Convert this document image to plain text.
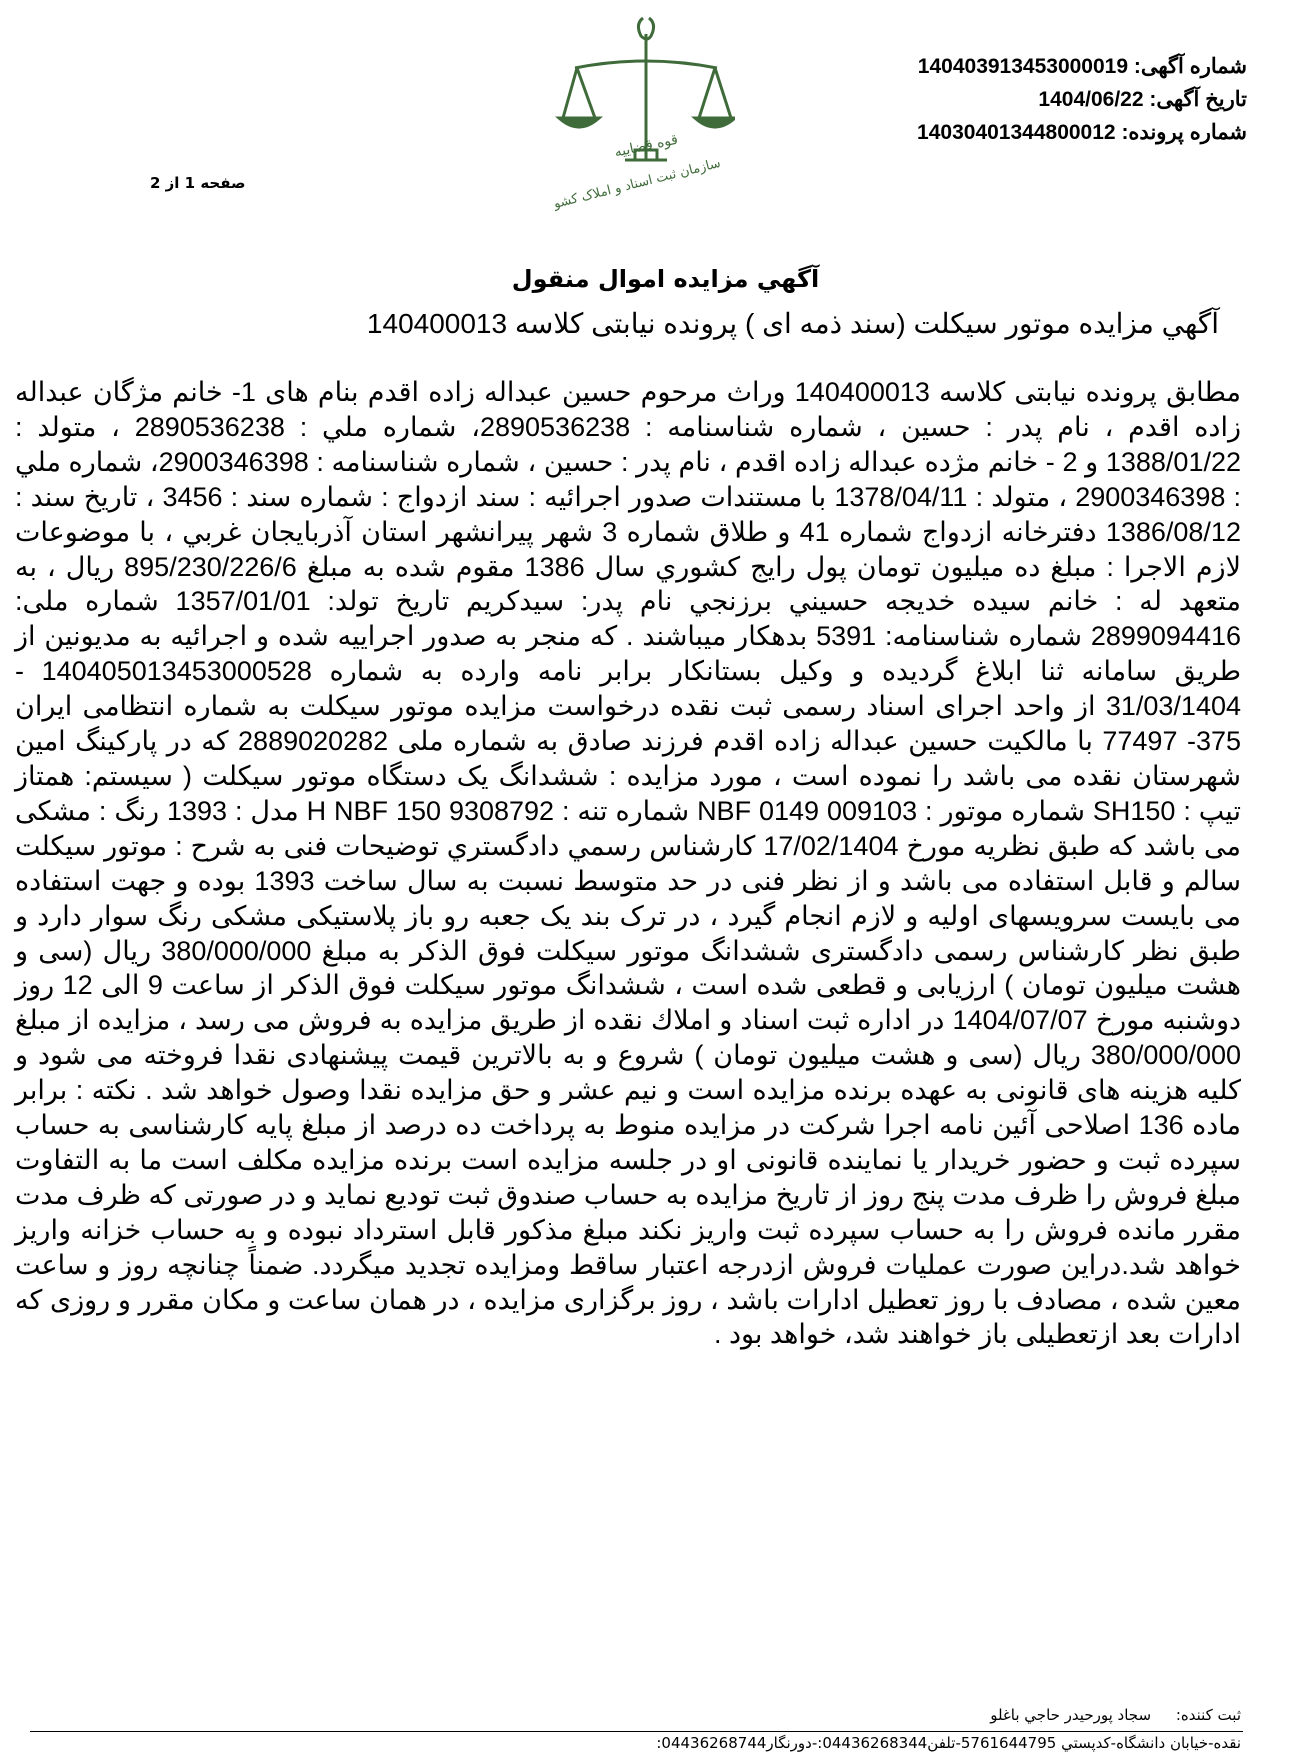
شماره آگهی: 140403913453000019
تاریخ آگهی: 1404/06/22
شماره پرونده: 14030401344800012
صفحه 1 از 2
قوه قضاییه
سازمان ثبت اسناد و املاک کشور
آگهي مزايده اموال منقول
آگهي مزايده موتور سيكلت (سند ذمه اى ) پرونده نيابتى كلاسه 140400013
مطابق پرونده نيابتى كلاسه 140400013 وراث مرحوم حسين عبداله زاده اقدم بنام هاى 1- خانم مژگان عبداله زاده اقدم ، نام پدر : حسين ، شماره شناسنامه : 2890536238، شماره ملي : 2890536238 ، متولد : 1388/01/22 و 2 - خانم مژده عبداله زاده اقدم ، نام پدر : حسين ، شماره شناسنامه : 2900346398، شماره ملي : 2900346398 ، متولد : 1378/04/11 با مستندات صدور اجرائيه : سند ازدواج : شماره سند : 3456 ، تاريخ سند : 1386/08/12 دفترخانه ازدواج شماره 41 و طلاق شماره 3 شهر پيرانشهر استان آذربايجان غربي ، با موضوعات لازم الاجرا : مبلغ ده ميليون تومان پول رايج كشوري سال 1386 مقوم شده به مبلغ 895/230/226/6 ريال ، به متعهد له : خانم سيده خديجه حسيني برزنجي نام پدر: سيدكريم تاريخ تولد: 1357/01/01 شماره ملی: 2899094416 شماره شناسنامه: 5391 بدهكار ميباشند . كه منجر به صدور اجراييه شده و اجرائيه به مديونين از طريق سامانه ثنا ابلاغ گرديده و وكيل بستانكار برابر نامه وارده به شماره 140405013453000528 - 31/03/1404 از واحد اجراى اسناد رسمى ثبت نقده درخواست مزايده موتور سيكلت به شماره انتظامى ايران 375- 77497 با مالكيت حسين عبداله زاده اقدم فرزند صادق به شماره ملى 2889020282 كه در پاركينگ امين شهرستان نقده مى باشد را نموده است ، مورد مزايده : ششدانگ يک دستگاه موتور سيكلت ( سيستم: همتاز تيپ : SH150 شماره موتور : NBF 0149 009103 شماره تنه : H NBF 150 9308792 مدل : 1393 رنگ : مشكى مى باشد كه طبق نظريه مورخ 17/02/1404 كارشناس رسمي دادگستري توضيحات فنى به شرح : موتور سيكلت سالم و قابل استفاده مى باشد و از نظر فنى در حد متوسط نسبت به سال ساخت 1393 بوده و جهت استفاده مى بايست سرويسهاى اوليه و لازم انجام گيرد ، در ترک بند يک جعبه رو باز پلاستيكى مشكى رنگ سوار دارد و طبق نظر كارشناس رسمى دادگسترى ششدانگ موتور سيكلت فوق الذكر به مبلغ 380/000/000 ريال (سى و هشت ميليون تومان ) ارزيابى و قطعى شده است ، ششدانگ موتور سيكلت فوق الذكر از ساعت 9 الى 12 روز دوشنبه مورخ 1404/07/07 در اداره ثبت اسناد و املاك نقده از طريق مزايده به فروش مى رسد ، مزايده از مبلغ 380/000/000 ريال (سى و هشت ميليون تومان ) شروع و به بالاترين قيمت پيشنهادى نقدا فروخته مى شود و كليه هزينه هاى قانونى به عهده برنده مزايده است و نيم عشر و حق مزايده نقدا وصول خواهد شد . نكته : برابر ماده 136 اصلاحى آئين نامه اجرا شركت در مزايده منوط به پرداخت ده درصد از مبلغ پايه كارشناسى به حساب سپرده ثبت و حضور خريدار يا نماينده قانونى او در جلسه مزايده است برنده مزايده مكلف است ما به التفاوت مبلغ فروش را ظرف مدت پنج روز از تاريخ مزايده به حساب صندوق ثبت توديع نمايد و در صورتى كه ظرف مدت مقرر مانده فروش را به حساب سپرده ثبت واريز نكند مبلغ مذكور قابل استرداد نبوده و به حساب خزانه واريز خواهد شد.دراين صورت عمليات فروش ازدرجه اعتبار ساقط ومزايده تجديد ميگردد. ضمناً چنانچه روز و ساعت معين شده ، مصادف با روز تعطيل ادارات باشد ، روز برگزارى مزايده ، در همان ساعت و مكان مقرر و روزى كه ادارات بعد ازتعطيلى باز خواهند شد، خواهد بود .
ثبت كننده: سجاد پورحيدر حاجي باغلو
نقده-خيابان دانشگاه-كدپستي 5761644795-تلفن04436268344:-دورنگار04436268744:
